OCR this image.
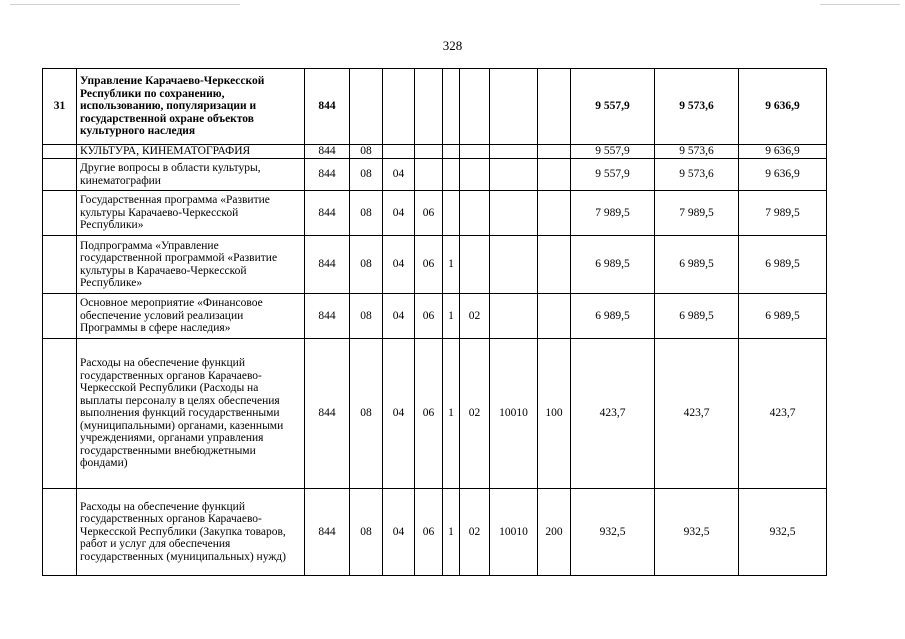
328
31	Управление Карачаево-Черкесской Республики по сохранению, использованию, популяризации и государственной охране объектов культурного наследия	844								9 557,9	9 573,6	9 636,9
	КУЛЬТУРА, КИНЕМАТОГРАФИЯ	844	08							9 557,9	9 573,6	9 636,9
	Другие вопросы в области культуры, кинематографии	844	08	04						9 557,9	9 573,6	9 636,9
	Государственная программа «Развитие культуры Карачаево-Черкесской Республики»	844	08	04	06					7 989,5	7 989,5	7 989,5
	Подпрограмма «Управление государственной программой «Развитие культуры в Карачаево-Черкесской Республике»	844	08	04	06	1				6 989,5	6 989,5	6 989,5
	Основное мероприятие «Финансовое обеспечение условий реализации Программы в сфере наследия»	844	08	04	06	1	02			6 989,5	6 989,5	6 989,5
	Расходы на обеспечение функций государственных органов Карачаево-Черкесской Республики (Расходы на выплаты персоналу в целях обеспечения выполнения функций государственными (муниципальными) органами, казенными учреждениями, органами управления государственными внебюджетными фондами)	844	08	04	06	1	02	10010	100	423,7	423,7	423,7
	Расходы на обеспечение функций государственных органов Карачаево-Черкесской Республики (Закупка товаров, работ и услуг для обеспечения государственных (муниципальных) нужд)	844	08	04	06	1	02	10010	200	932,5	932,5	932,5
